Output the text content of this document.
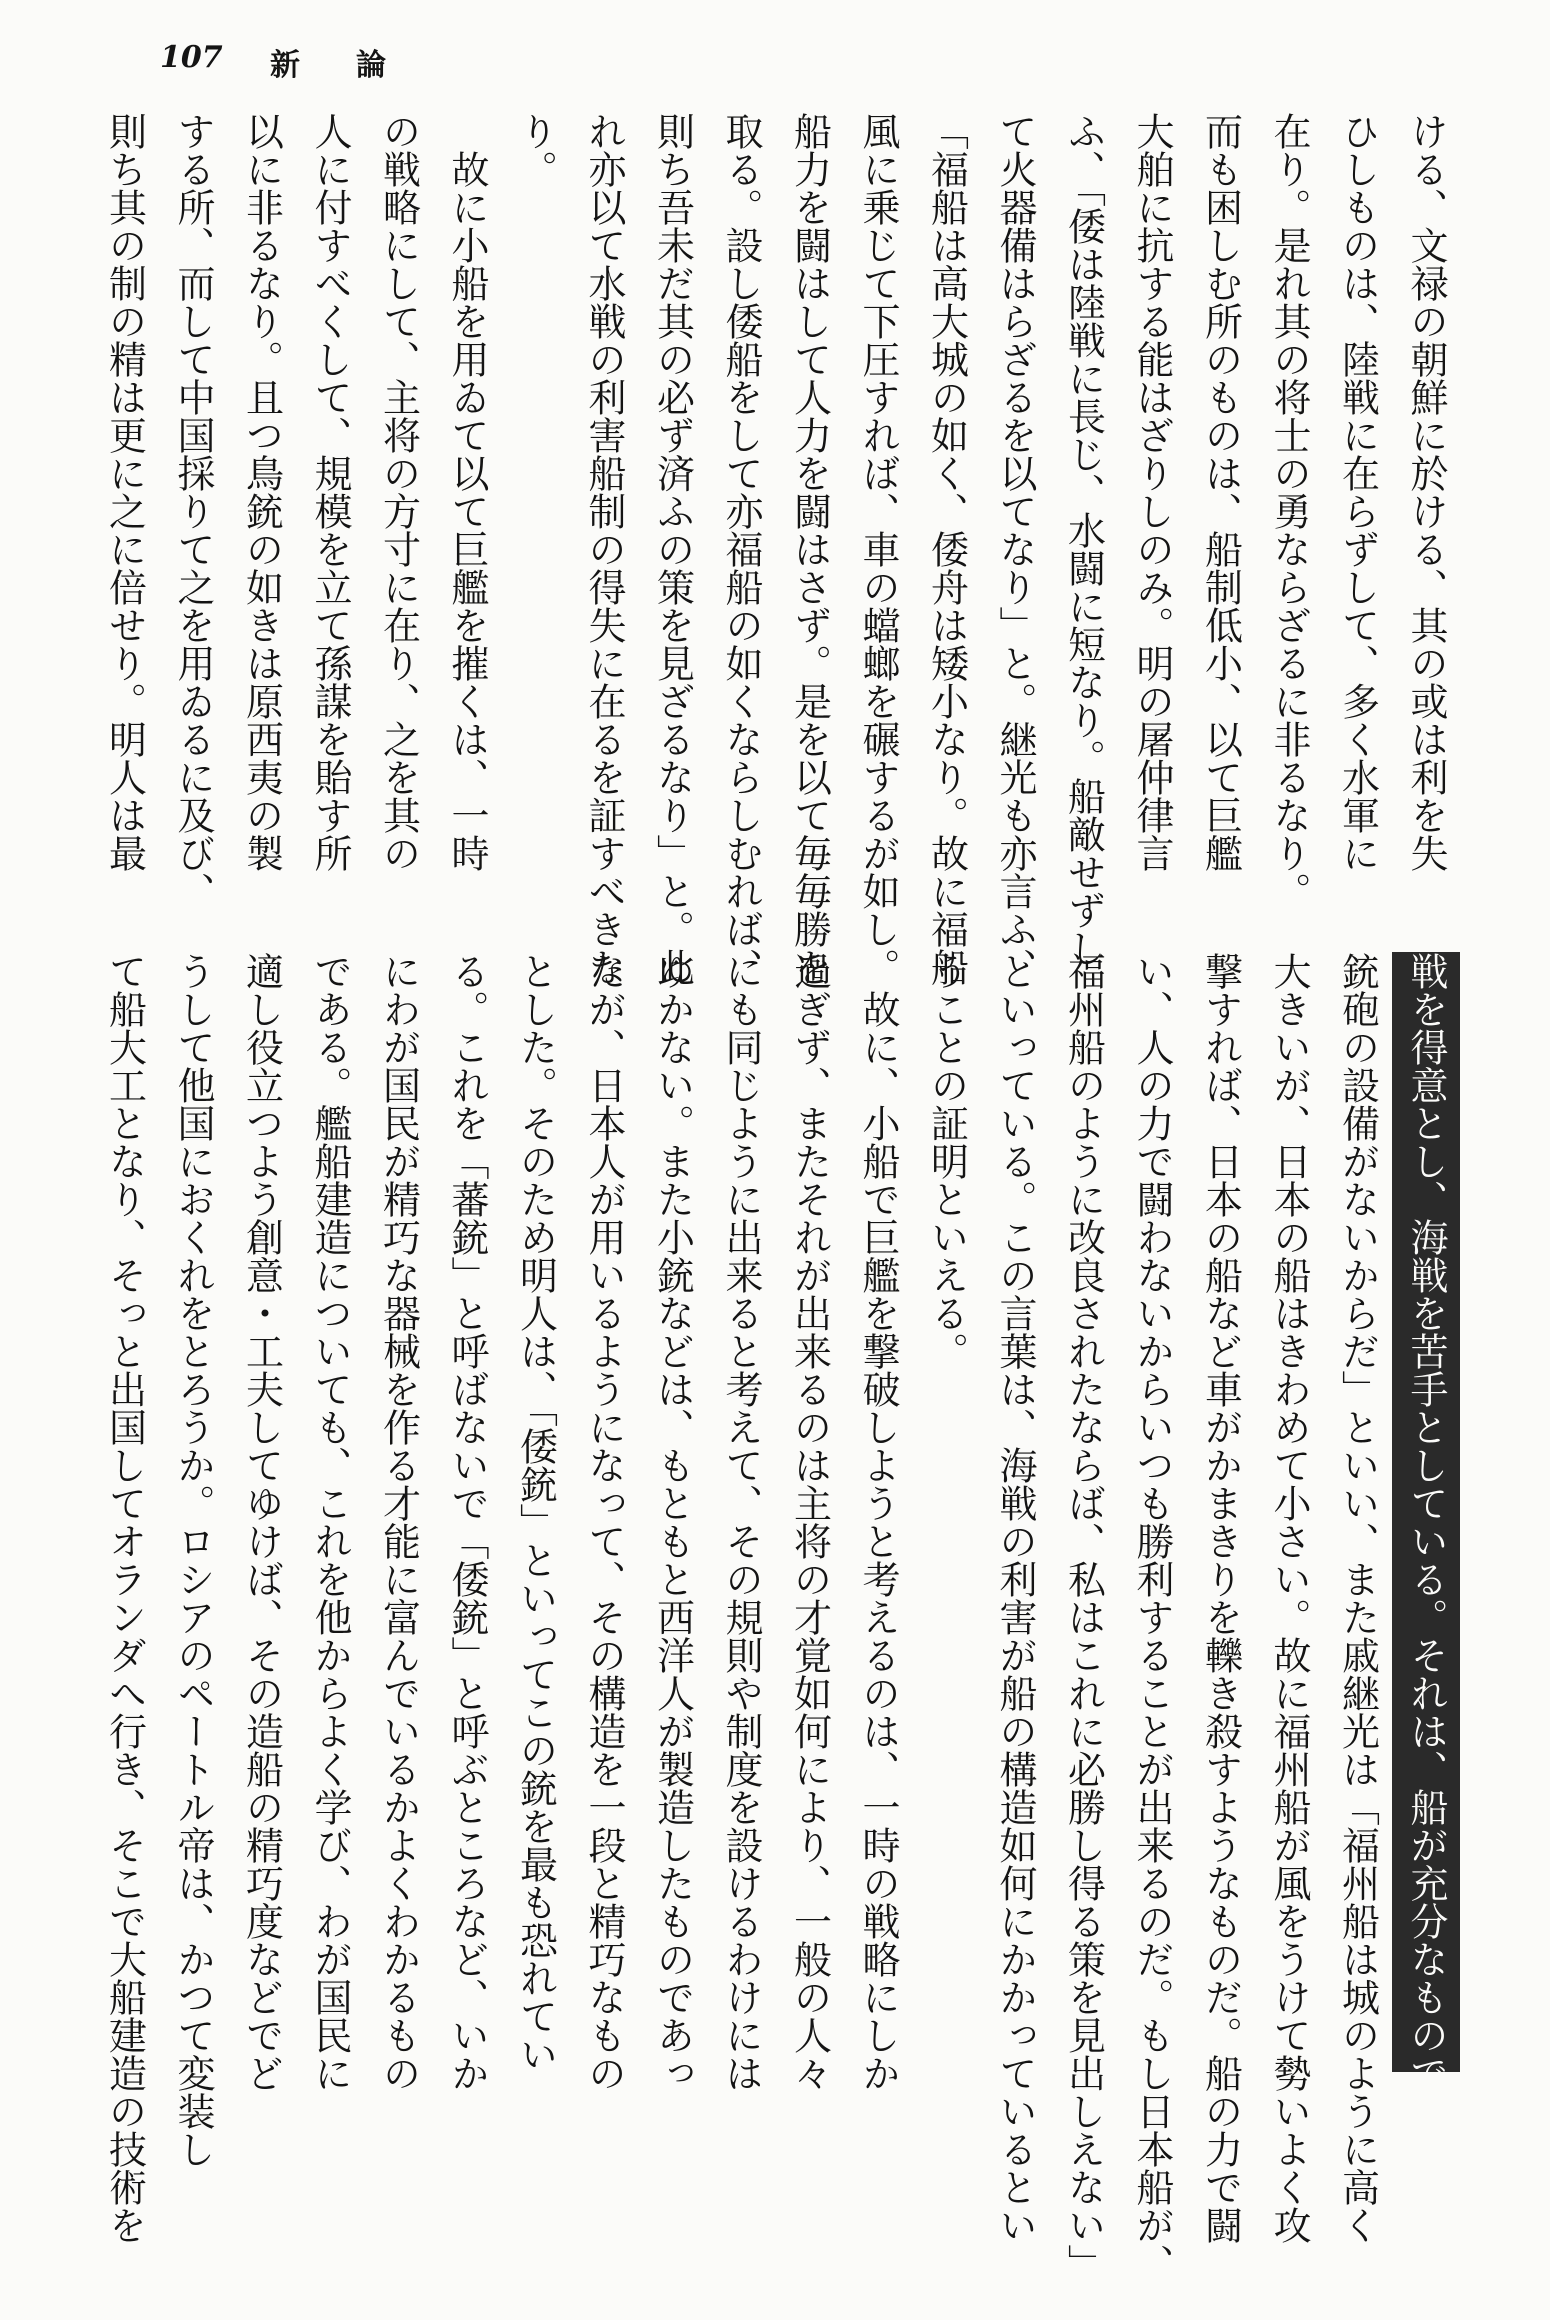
107	新論
ける、文禄の朝鮮に於ける、其の或は利を失
ひしものは、陸戦に在らずして、多く水軍に
在り。是れ其の将士の勇ならざるに非るなり。
而も困しむ所のものは、船制低小、以て巨艦
大舶に抗する能はざりしのみ。明の屠仲律言
ふ、「倭は陸戦に長じ、水闘に短なり。船敵せずし
て火器備はらざるを以てなり」と。継光も亦言ふ、
「福船は高大城の如く、倭舟は矮小なり。故に福船
風に乗じて下圧すれば、車の蟷螂を碾するが如し。
船力を闘はして人力を闘はさず。是を以て毎毎勝を
取る。設し倭船をして亦福船の如くならしむれば、
則ち吾未だ其の必ず済ふの策を見ざるなり」と。此
れ亦以て水戦の利害船制の得失に在るを証すべきな
り。
　故に小船を用ゐて以て巨艦を摧くは、一時
の戦略にして、主将の方寸に在り、之を其の
人に付すべくして、規模を立て孫謀を貽す所
以に非るなり。且つ鳥銃の如きは原西夷の製
する所、而して中国採りて之を用ゐるに及び、
則ち其の制の精は更に之に倍せり。明人は最
戦を得意とし、海戦を苦手としている。それは、船が充分なものでなかったから
銃砲の設備がないからだ」といい、また戚継光は「福州船は城のように高く
大きいが、日本の船はきわめて小さい。故に福州船が風をうけて勢いよく攻
撃すれば、日本の船など車がかまきりを轢き殺すようなものだ。船の力で闘
い、人の力で闘わないからいつも勝利することが出来るのだ。もし日本船が、
福州船のように改良されたならば、私はこれに必勝し得る策を見出しえない」
といっている。この言葉は、海戦の利害が船の構造如何にかかっているとい
うことの証明といえる。
　故に、小船で巨艦を撃破しようと考えるのは、一時の戦略にしか
過ぎず、またそれが出来るのは主将の才覚如何により、一般の人々
にも同じように出来ると考えて、その規則や制度を設けるわけには
ゆかない。また小銃などは、もともと西洋人が製造したものであっ
たが、日本人が用いるようになって、その構造を一段と精巧なもの
とした。そのため明人は、「倭銃」といってこの銃を最も恐れてい
る。これを「蕃銃」と呼ばないで「倭銃」と呼ぶところなど、いか
にわが国民が精巧な器械を作る才能に富んでいるかよくわかるもの
である。艦船建造についても、これを他からよく学び、わが国民に
適し役立つよう創意・工夫してゆけば、その造船の精巧度などでど
うして他国におくれをとろうか。ロシアのペートル帝は、かつて変装し
て船大工となり、そっと出国してオランダへ行き、そこで大船建造の技術を
